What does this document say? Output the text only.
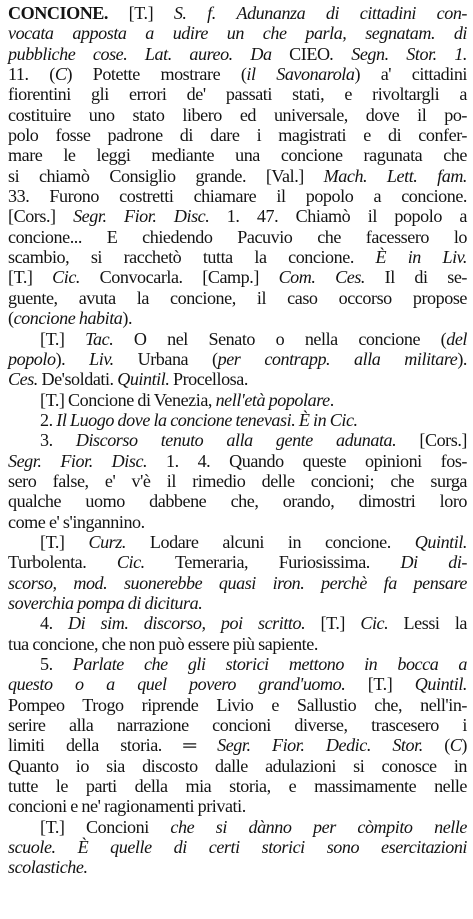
CONCIONE. [T.] S. f. Adunanza di cittadini con-
vocata apposta a udire un che parla, segnatam. di
pubbliche cose. Lat. aureo. Da CIEO. Segn. Stor. 1.
11. (C) Potette mostrare (il Savonarola) a' cittadini
fiorentini gli errori de' passati stati, e rivoltargli a
costituire uno stato libero ed universale, dove il po-
polo fosse padrone di dare i magistrati e di confer-
mare le leggi mediante una concione ragunata che
si chiamò Consiglio grande. [Val.] Mach. Lett. fam.
33. Furono costretti chiamare il popolo a concione.
[Cors.] Segr. Fior. Disc. 1. 47. Chiamò il popolo a
concione... E chiedendo Pacuvio che facessero lo
scambio, si racchetò tutta la concione. È in Liv.
[T.] Cic. Convocarla. [Camp.] Com. Ces. Il di se-
guente, avuta la concione, il caso occorso propose
(concione habita).
[T.] Tac. O nel Senato o nella concione (del
popolo). Liv. Urbana (per contrapp. alla militare).
Ces. De'soldati. Quintil. Procellosa.
[T.] Concione di Venezia, nell'età popolare.
2. Il Luogo dove la concione tenevasi. È in Cic.
3. Discorso tenuto alla gente adunata. [Cors.]
Segr. Fior. Disc. 1. 4. Quando queste opinioni fos-
sero false, e' v'è il rimedio delle concioni; che surga
qualche uomo dabbene che, orando, dimostri loro
come e' s'ingannino.
[T.] Curz. Lodare alcuni in concione. Quintil.
Turbolenta. Cic. Temeraria, Furiosissima. Di di-
scorso, mod. suonerebbe quasi iron. perchè fa pensare
soverchia pompa di dicitura.
4. Di sim. discorso, poi scritto. [T.] Cic. Lessi la
tua concione, che non può essere più sapiente.
5. Parlate che gli storici mettono in bocca a
questo o a quel povero grand'uomo. [T.] Quintil.
Pompeo Trogo riprende Livio e Sallustio che, nell'in-
serire alla narrazione concioni diverse, trascesero i
limiti della storia. ═ Segr. Fior. Dedic. Stor. (C)
Quanto io sia discosto dalle adulazioni si conosce in
tutte le parti della mia storia, e massimamente nelle
concioni e ne' ragionamenti privati.
[T.] Concioni che si dànno per còmpito nelle
scuole. È quelle di certi storici sono esercitazioni
scolastiche.
